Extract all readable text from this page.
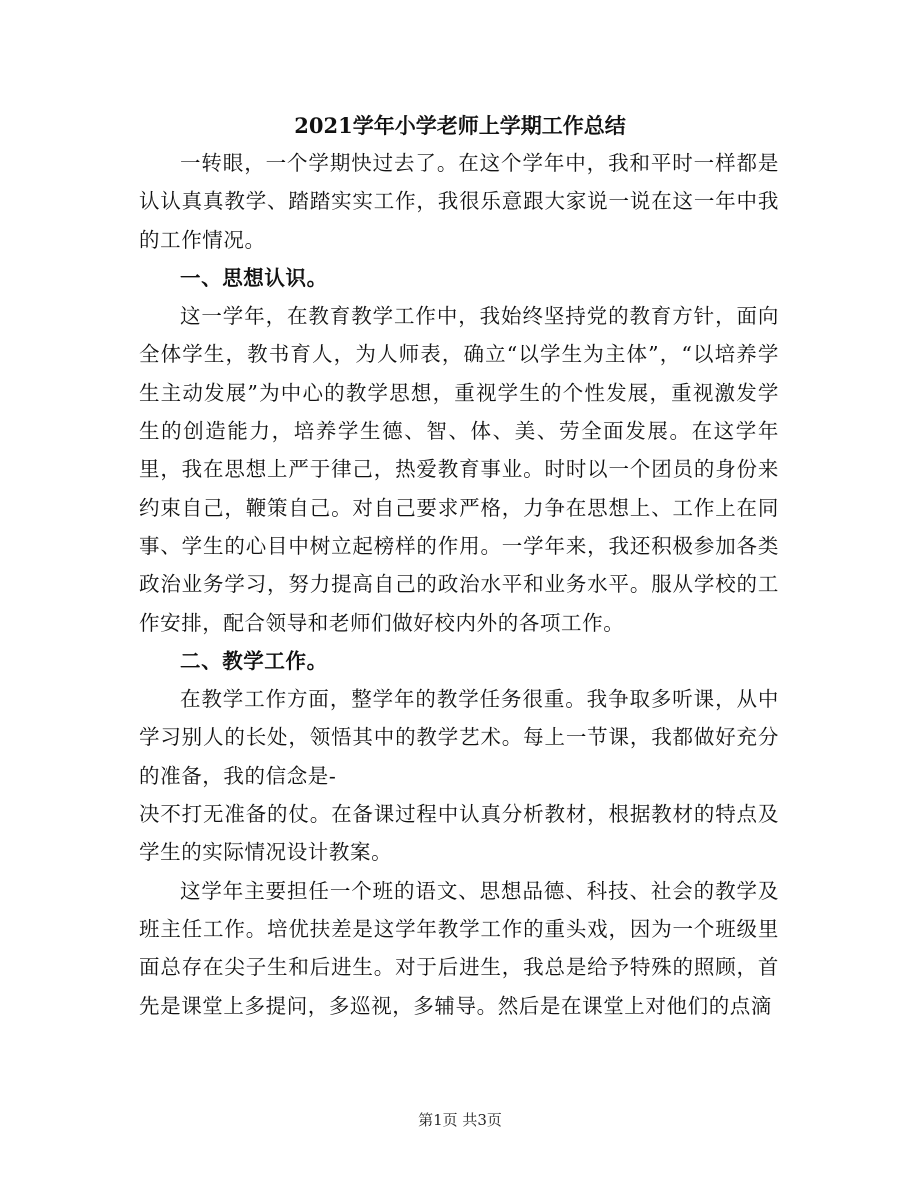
2021学年小学老师上学期工作总结

一转眼，一个学期快过去了。在这个学年中，我和平时一样都是认认真真教学、踏踏实实工作，我很乐意跟大家说一说在这一年中我的工作情况。

一、思想认识。

这一学年，在教育教学工作中，我始终坚持党的教育方针，面向全体学生，教书育人，为人师表，确立“以学生为主体”，“以培养学生主动发展”为中心的教学思想，重视学生的个性发展，重视激发学生的创造能力，培养学生德、智、体、美、劳全面发展。在这学年里，我在思想上严于律己，热爱教育事业。时时以一个团员的身份来约束自己，鞭策自己。对自己要求严格，力争在思想上、工作上在同事、学生的心目中树立起榜样的作用。一学年来，我还积极参加各类政治业务学习，努力提高自己的政治水平和业务水平。服从学校的工作安排，配合领导和老师们做好校内外的各项工作。

二、教学工作。

在教学工作方面，整学年的教学任务很重。我争取多听课，从中学习别人的长处，领悟其中的教学艺术。每上一节课，我都做好充分的准备，我的信念是-

决不打无准备的仗。在备课过程中认真分析教材，根据教材的特点及学生的实际情况设计教案。

这学年主要担任一个班的语文、思想品德、科技、社会的教学及班主任工作。培优扶差是这学年教学工作的重头戏，因为一个班级里面总存在尖子生和后进生。对于后进生，我总是给予特殊的照顾，首先是课堂上多提问，多巡视，多辅导。然后是在课堂上对他们的点滴

第1页 共3页
